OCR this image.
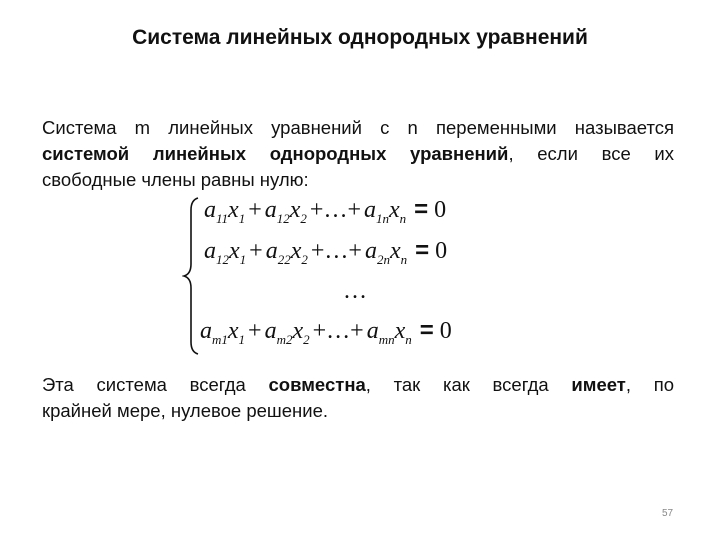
Система линейных однородных уравнений
Система m линейных уравнений с n переменными называется
системой линейных однородных уравнений, если все их
свободные члены равны нулю:
$a_{11}x_1 + a_{12}x_2$ +…+ $a_{1n}x_n = 0$
$a_{12}x_1 + a_{22}x_2$ +…+ $a_{2n}x_n = 0$
…
$a_{m1}x_1 + a_{m2}x_2$ +…+ $a_{mn}x_n = 0$
Эта система всегда совместна, так как всегда имеет, по
крайней мере, нулевое решение.
57
